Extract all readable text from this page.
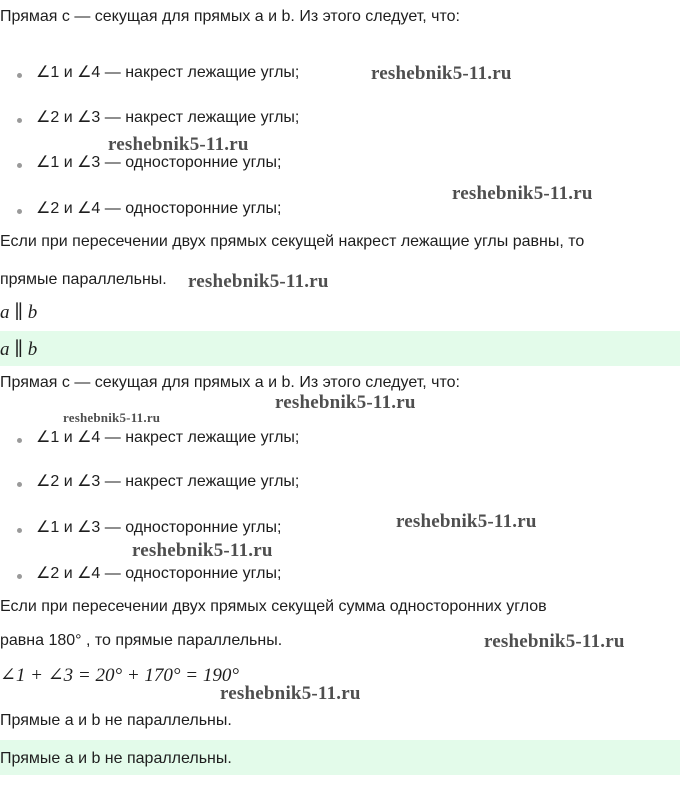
Прямая c — секущая для прямых a и b. Из этого следует, что:
∠1 и ∠4 — накрест лежащие углы;
∠2 и ∠3 — накрест лежащие углы;
∠1 и ∠3 — односторонние углы;
∠2 и ∠4 — односторонние углы;
Если при пересечении двух прямых секущей накрест лежащие углы равны, то
прямые параллельны.
a ∥ b
a ∥ b
Прямая c — секущая для прямых a и b. Из этого следует, что:
∠1 и ∠4 — накрест лежащие углы;
∠2 и ∠3 — накрест лежащие углы;
∠1 и ∠3 — односторонние углы;
∠2 и ∠4 — односторонние углы;
Если при пересечении двух прямых секущей сумма односторонних углов
равна 180° , то прямые параллельны.
∠1 + ∠3 = 20° + 170° = 190°
Прямые a и b не параллельны.
Прямые a и b не параллельны.
reshebnik5-11.ru
reshebnik5-11.ru
reshebnik5-11.ru
reshebnik5-11.ru
reshebnik5-11.ru
reshebnik5-11.ru
reshebnik5-11.ru
reshebnik5-11.ru
reshebnik5-11.ru
reshebnik5-11.ru
